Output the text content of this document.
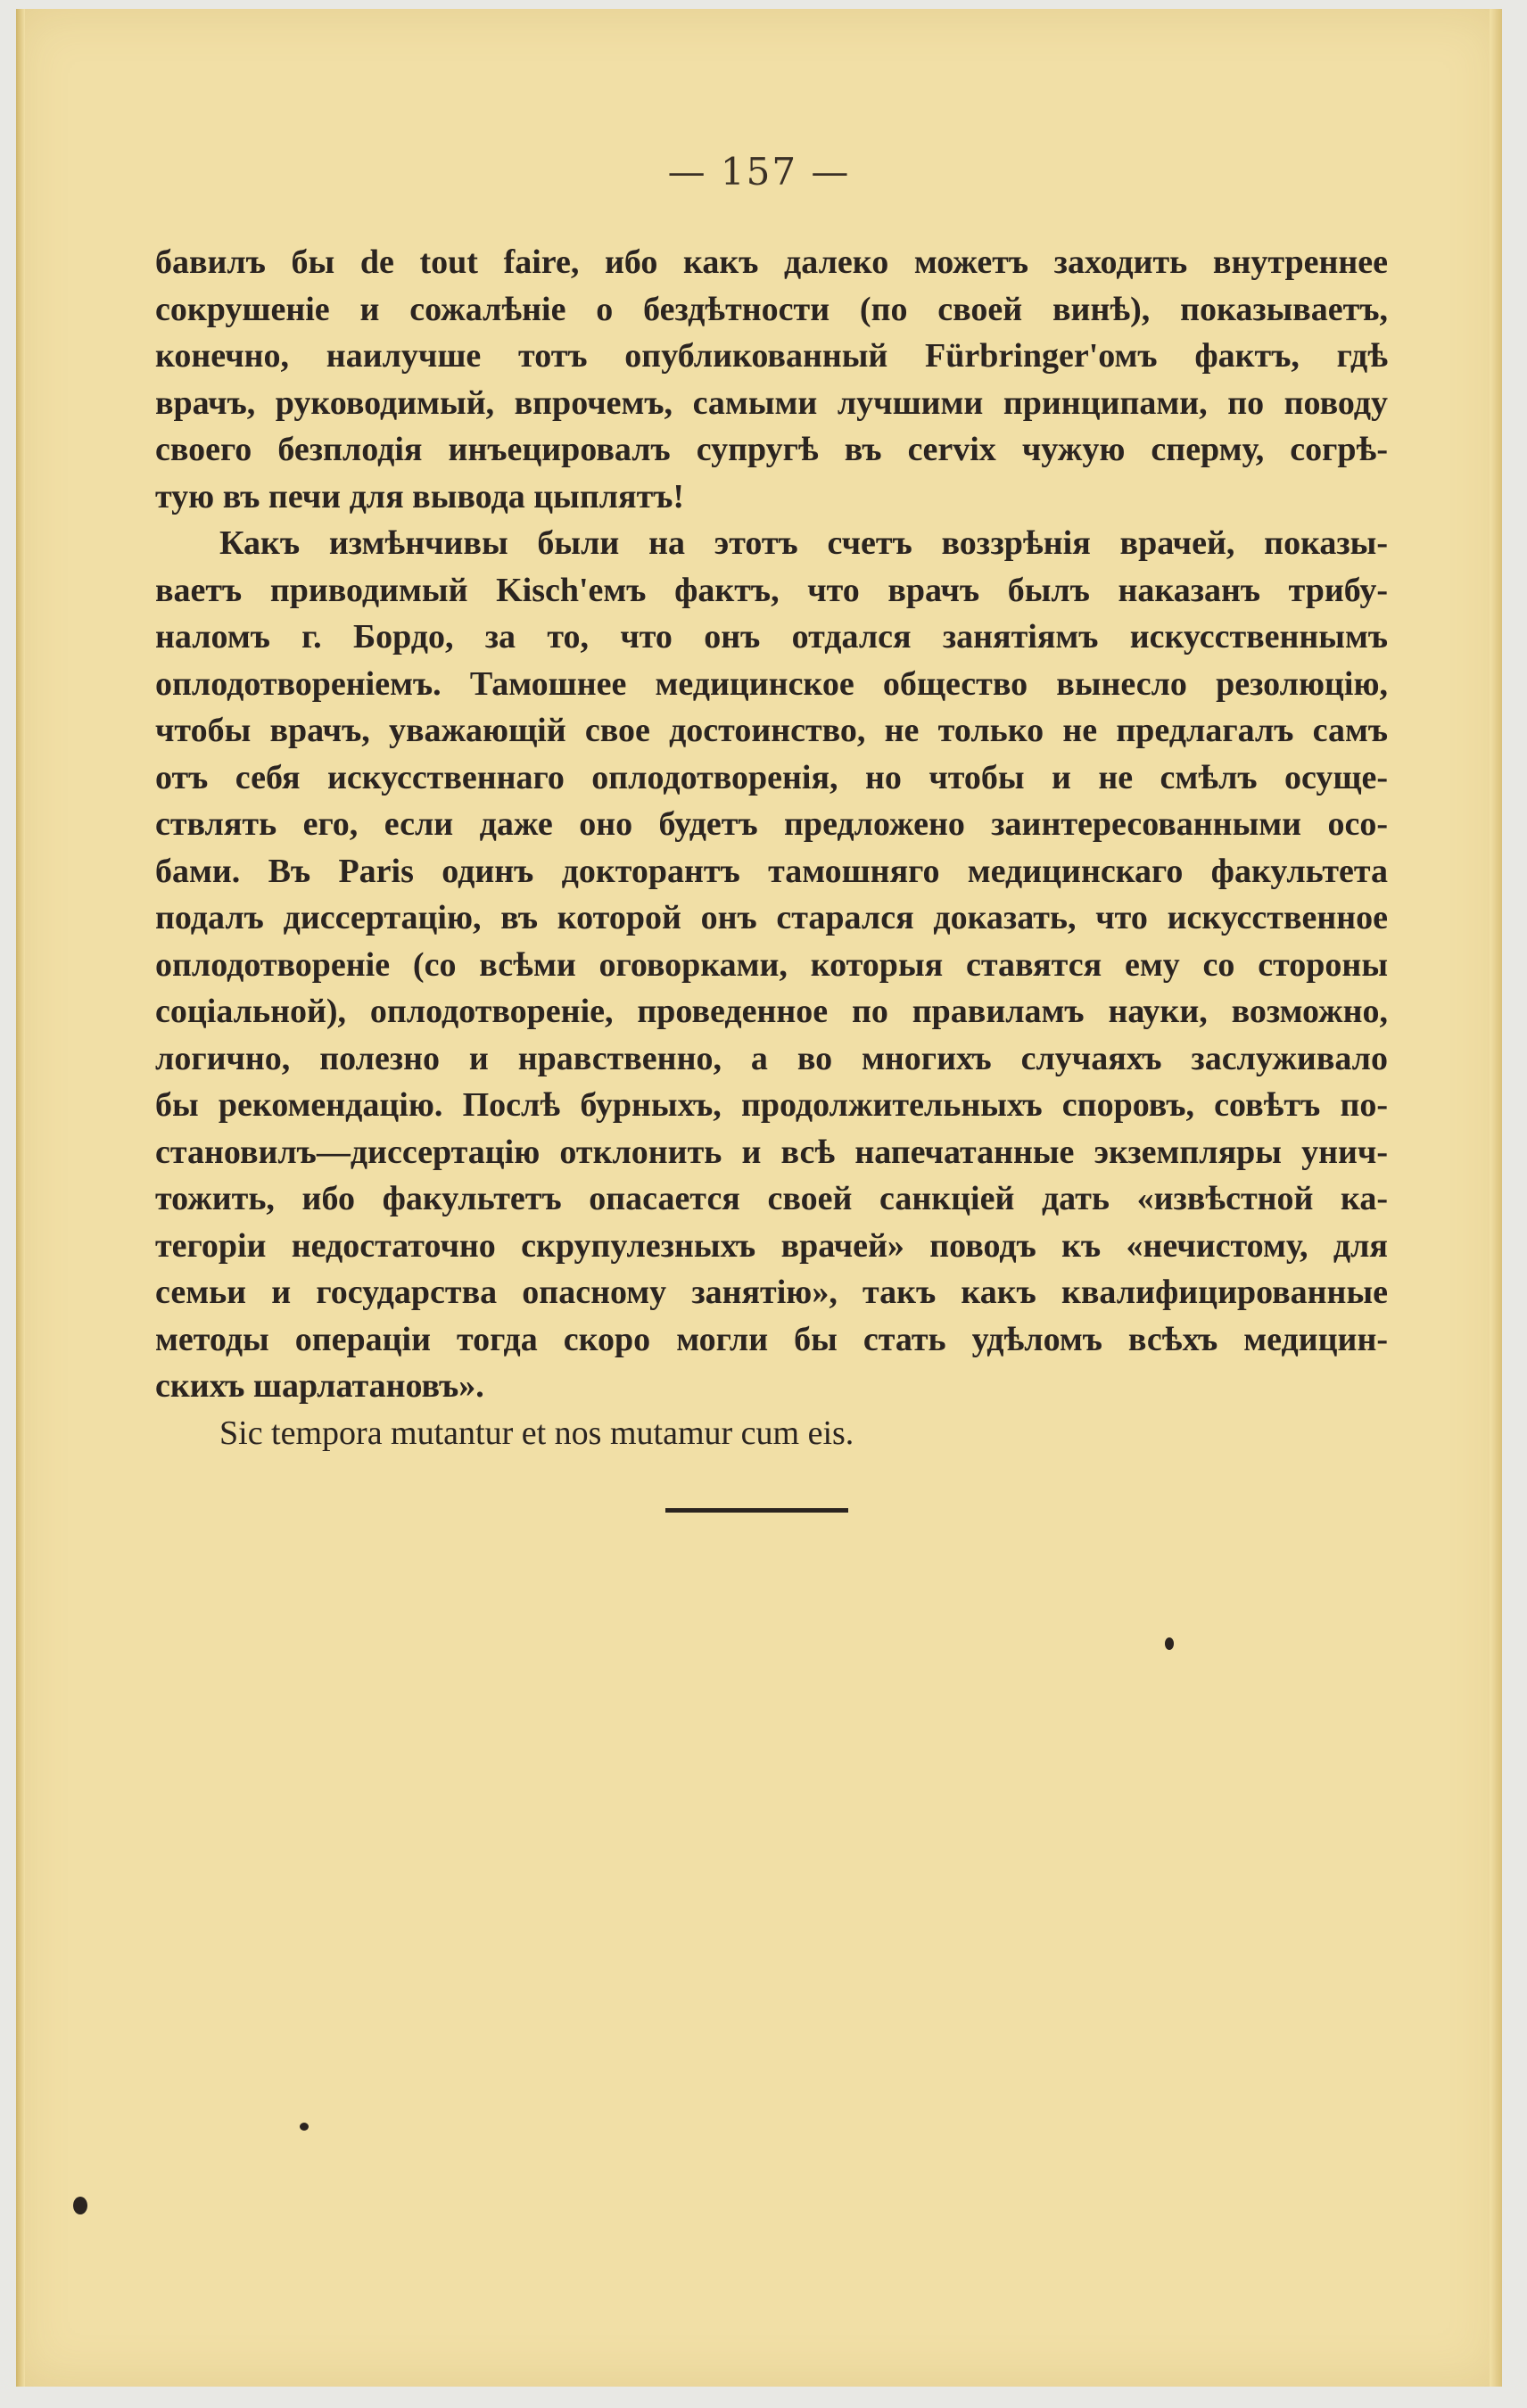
— 157 —
бавилъ бы de tout faire, ибо какъ далеко можетъ заходить внутреннее
сокрушеніе и сожалѣніе о бездѣтности (по своей винѣ), показываетъ,
конечно, наилучше тотъ опубликованный Fürbringer'омъ фактъ, гдѣ
врачъ, руководимый, впрочемъ, самыми лучшими принципами, по поводу
своего безплодія инъецировалъ супругѣ въ cervix чужую сперму, согрѣ-
тую въ печи для вывода цыплятъ!
Какъ измѣнчивы были на этотъ счетъ воззрѣнія врачей, показы-
ваетъ приводимый Kisch'емъ фактъ, что врачъ былъ наказанъ трибу-
наломъ г. Бордо, за то, что онъ отдался занятіямъ искусственнымъ
оплодотвореніемъ. Тамошнее медицинское общество вынесло резолюцію,
чтобы врачъ, уважающій свое достоинство, не только не предлагалъ самъ
отъ себя искусственнаго оплодотворенія, но чтобы и не смѣлъ осуще-
ствлять его, если даже оно будетъ предложено заинтересованными осо-
бами. Въ Paris одинъ докторантъ тамошняго медицинскаго факультета
подалъ диссертацію, въ которой онъ старался доказать, что искусственное
оплодотвореніе (со всѣми оговорками, которыя ставятся ему со стороны
соціальной), оплодотвореніе, проведенное по правиламъ науки, возможно,
логично, полезно и нравственно, а во многихъ случаяхъ заслуживало
бы рекомендацію. Послѣ бурныхъ, продолжительныхъ споровъ, совѣтъ по-
становилъ—диссертацію отклонить и всѣ напечатанные экземпляры унич-
тожить, ибо факультетъ опасается своей санкціей дать «извѣстной ка-
тегоріи недостаточно скрупулезныхъ врачей» поводъ къ «нечистому, для
семьи и государства опасному занятію», такъ какъ квалифицированные
методы операціи тогда скоро могли бы стать удѣломъ всѣхъ медицин-
скихъ шарлатановъ».
Sic tempora mutantur et nos mutamur cum eis.
